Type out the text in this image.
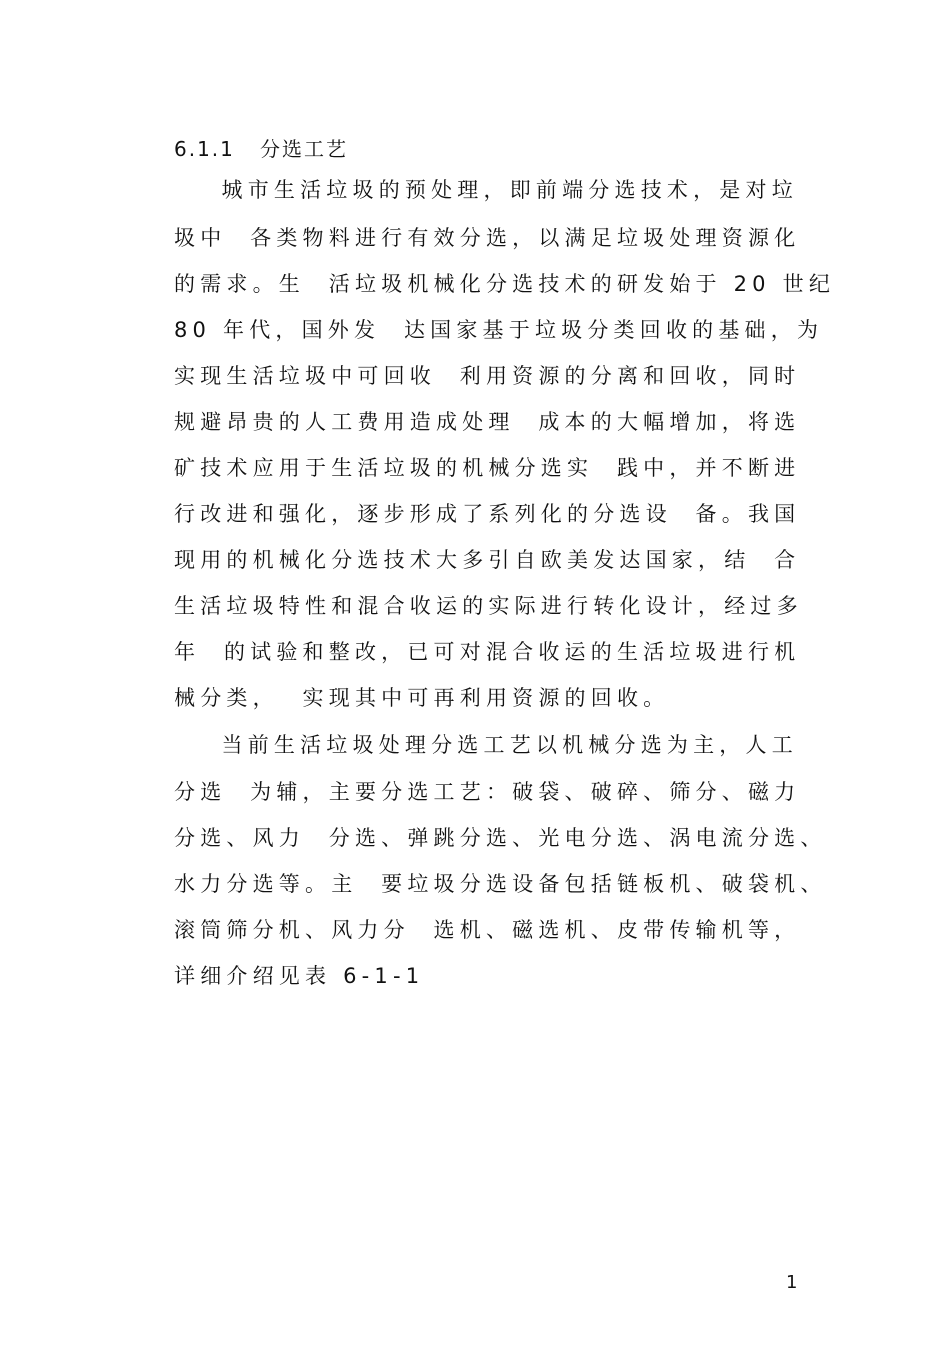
6.1.1   分选工艺
城市生活垃圾的预处理，即前端分选技术，是对垃
圾中  各类物料进行有效分选，以满足垃圾处理资源化
的需求。生  活垃圾机械化分选技术的研发始于 20 世纪
80 年代，国外发  达国家基于垃圾分类回收的基础，为
实现生活垃圾中可回收  利用资源的分离和回收，同时
规避昂贵的人工费用造成处理  成本的大幅增加，将选
矿技术应用于生活垃圾的机械分选实  践中，并不断进
行改进和强化，逐步形成了系列化的分选设  备。我国
现用的机械化分选技术大多引自欧美发达国家，结  合
生活垃圾特性和混合收运的实际进行转化设计，经过多
年  的试验和整改，已可对混合收运的生活垃圾进行机
械分类，  实现其中可再利用资源的回收。
当前生活垃圾处理分选工艺以机械分选为主，人工
分选  为辅，主要分选工艺：破袋、破碎、筛分、磁力
分选、风力  分选、弹跳分选、光电分选、涡电流分选、
水力分选等。主  要垃圾分选设备包括链板机、破袋机、
滚筒筛分机、风力分  选机、磁选机、皮带传输机等，
详细介绍见表 6-1-1
1
